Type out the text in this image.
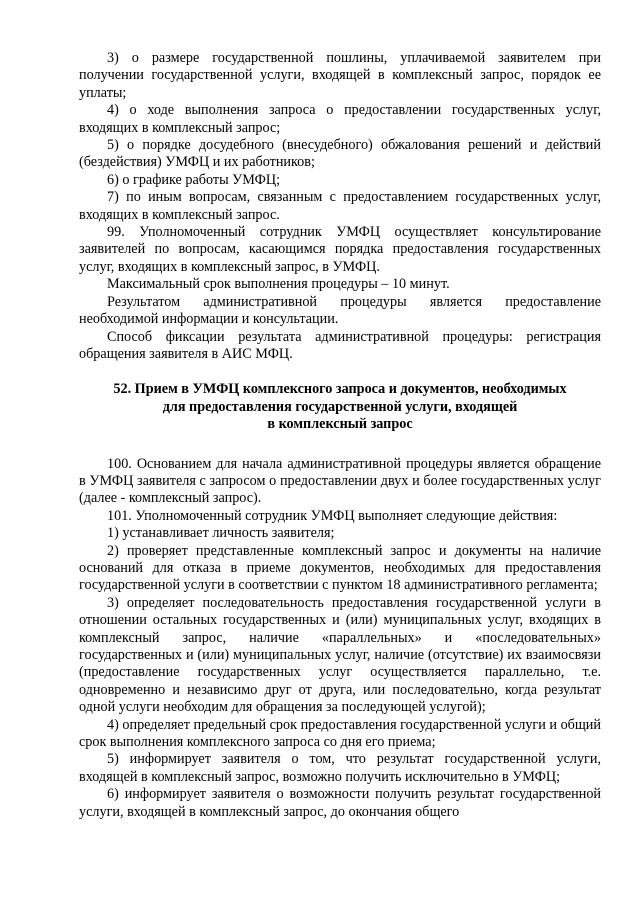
3) о размере государственной пошлины, уплачиваемой заявителем при получении государственной услуги, входящей в комплексный запрос, порядок ее уплаты;

4) о ходе выполнения запроса о предоставлении государственных услуг, входящих в комплексный запрос;

5) о порядке досудебного (внесудебного) обжалования решений и действий (бездействия) УМФЦ и их работников;

6) о графике работы УМФЦ;

7) по иным вопросам, связанным с предоставлением государственных услуг, входящих в комплексный запрос.

99. Уполномоченный сотрудник УМФЦ осуществляет консультирование заявителей по вопросам, касающимся порядка предоставления государственных услуг, входящих в комплексный запрос, в УМФЦ.

Максимальный срок выполнения процедуры – 10 минут.

Результатом административной процедуры является предоставление необходимой информации и консультации.

Способ фиксации результата административной процедуры: регистрация обращения заявителя в АИС МФЦ.

52. Прием в УМФЦ комплексного запроса и документов, необходимых
для предоставления государственной услуги, входящей
в комплексный запрос

100. Основанием для начала административной процедуры является обращение в УМФЦ заявителя с запросом о предоставлении двух и более государственных услуг (далее - комплексный запрос).

101. Уполномоченный сотрудник УМФЦ выполняет следующие действия:

1) устанавливает личность заявителя;

2) проверяет представленные комплексный запрос и документы на наличие оснований для отказа в приеме документов, необходимых для предоставления государственной услуги в соответствии с пунктом 18 административного регламента;

3) определяет последовательность предоставления государственной услуги в отношении остальных государственных и (или) муниципальных услуг, входящих в комплексный запрос, наличие «параллельных» и «последовательных» государственных и (или) муниципальных услуг, наличие (отсутствие) их взаимосвязи (предоставление государственных услуг осуществляется параллельно, т.е. одновременно и независимо друг от друга, или последовательно, когда результат одной услуги необходим для обращения за последующей услугой);

4) определяет предельный срок предоставления государственной услуги и общий срок выполнения комплексного запроса со дня его приема;

5) информирует заявителя о том, что результат государственной услуги, входящей в комплексный запрос, возможно получить исключительно в УМФЦ;

6) информирует заявителя о возможности получить результат государственной услуги, входящей в комплексный запрос, до окончания общего
